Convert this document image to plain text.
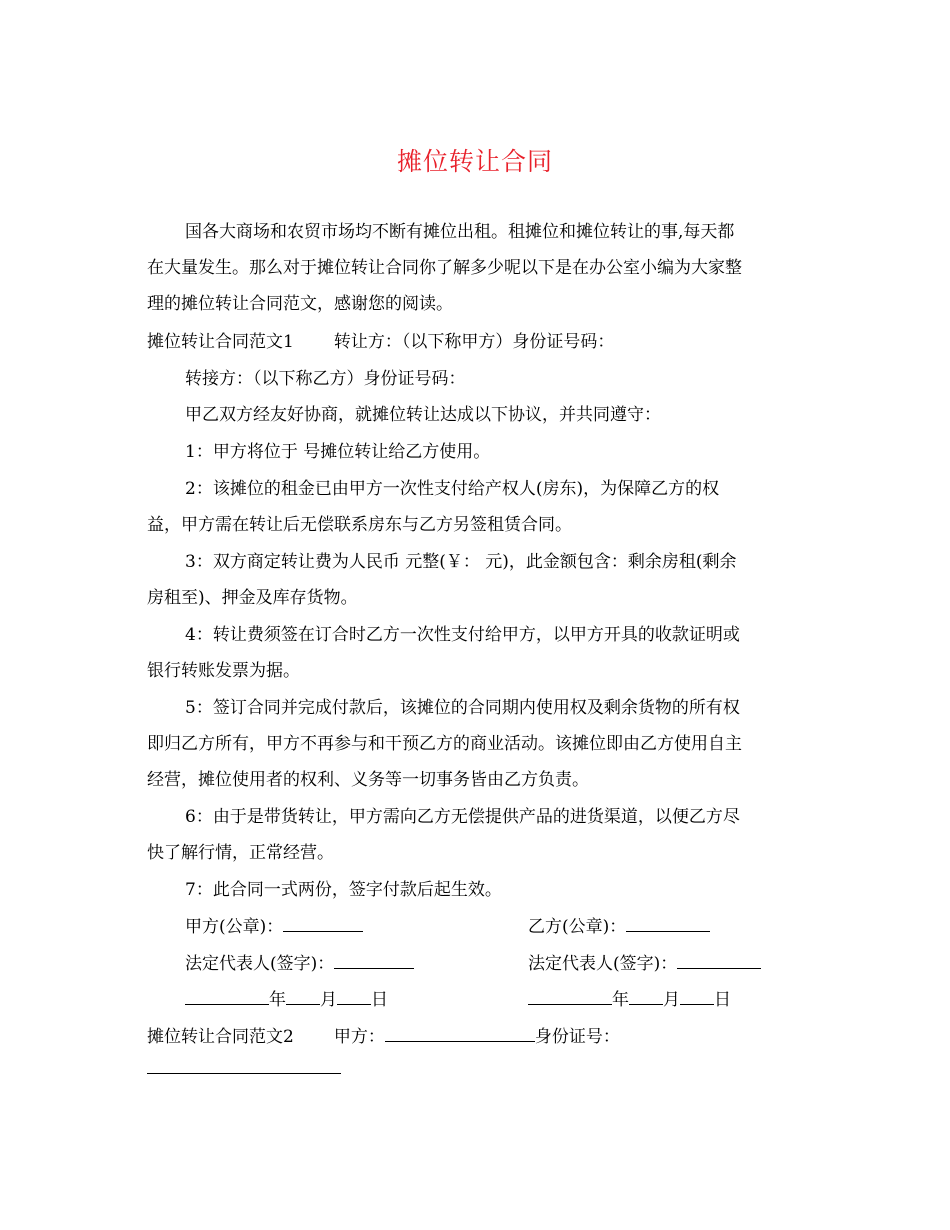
摊位转让合同
国各大商场和农贸市场均不断有摊位出租。租摊位和摊位转让的事,每天都
在大量发生。那么对于摊位转让合同你了解多少呢以下是在办公室小编为大家整
理的摊位转让合同范文，感谢您的阅读。
摊位转让合同范文1 转让方：（以下称甲方）身份证号码：
转接方：（以下称乙方）身份证号码：
甲乙双方经友好协商，就摊位转让达成以下协议，并共同遵守：
1：甲方将位于 号摊位转让给乙方使用。
2：该摊位的租金已由甲方一次性支付给产权人(房东)，为保障乙方的权
益，甲方需在转让后无偿联系房东与乙方另签租赁合同。
3：双方商定转让费为人民币 元整(￥： 元)，此金额包含：剩余房租(剩余
房租至)、押金及库存货物。
4：转让费须签在订合时乙方一次性支付给甲方，以甲方开具的收款证明或
银行转账发票为据。
5：签订合同并完成付款后，该摊位的合同期内使用权及剩余货物的所有权
即归乙方所有，甲方不再参与和干预乙方的商业活动。该摊位即由乙方使用自主
经营，摊位使用者的权利、义务等一切事务皆由乙方负责。
6：由于是带货转让，甲方需向乙方无偿提供产品的进货渠道，以便乙方尽
快了解行情，正常经营。
7：此合同一式两份，签字付款后起生效。
甲方(公章)：	乙方(公章)：
法定代表人(签字)：	法定代表人(签字)：
年 月 日	年 月 日
摊位转让合同范文2 甲方：	身份证号：
